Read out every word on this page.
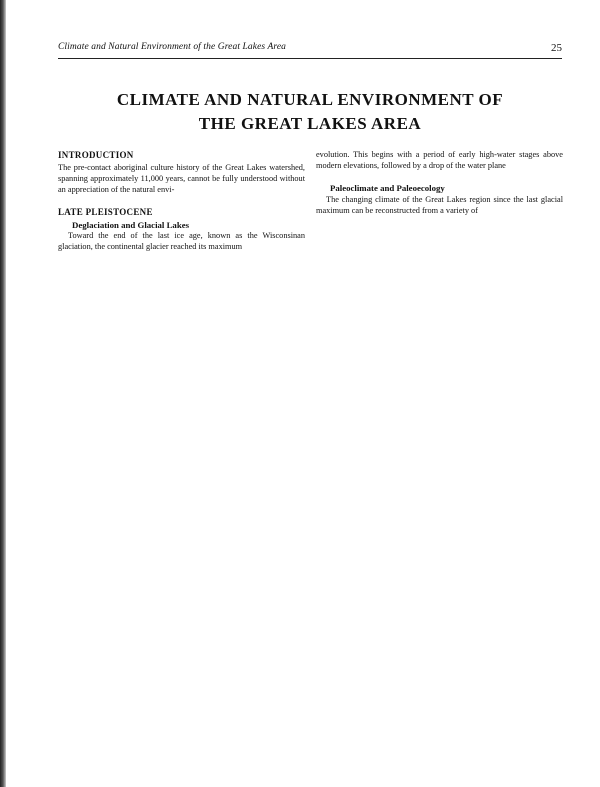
Climate and Natural Environment of the Great Lakes Area	25
CLIMATE AND NATURAL ENVIRONMENT OF
THE GREAT LAKES AREA
INTRODUCTION

The pre-contact aboriginal culture history of the Great Lakes watershed, spanning approximately 11,000 years, cannot be fully understood without an appreciation of the natural envi-

LATE PLEISTOCENE
Deglaciation and Glacial Lakes

Toward the end of the last ice age, known as the Wisconsinan glaciation, the continental glacier reached its maximum

evolution. This begins with a period of early high-water stages above modern elevations, followed by a drop of the water plane

Paleoclimate and Paleoecology

The changing climate of the Great Lakes region since the last glacial maximum can be reconstructed from a variety of
